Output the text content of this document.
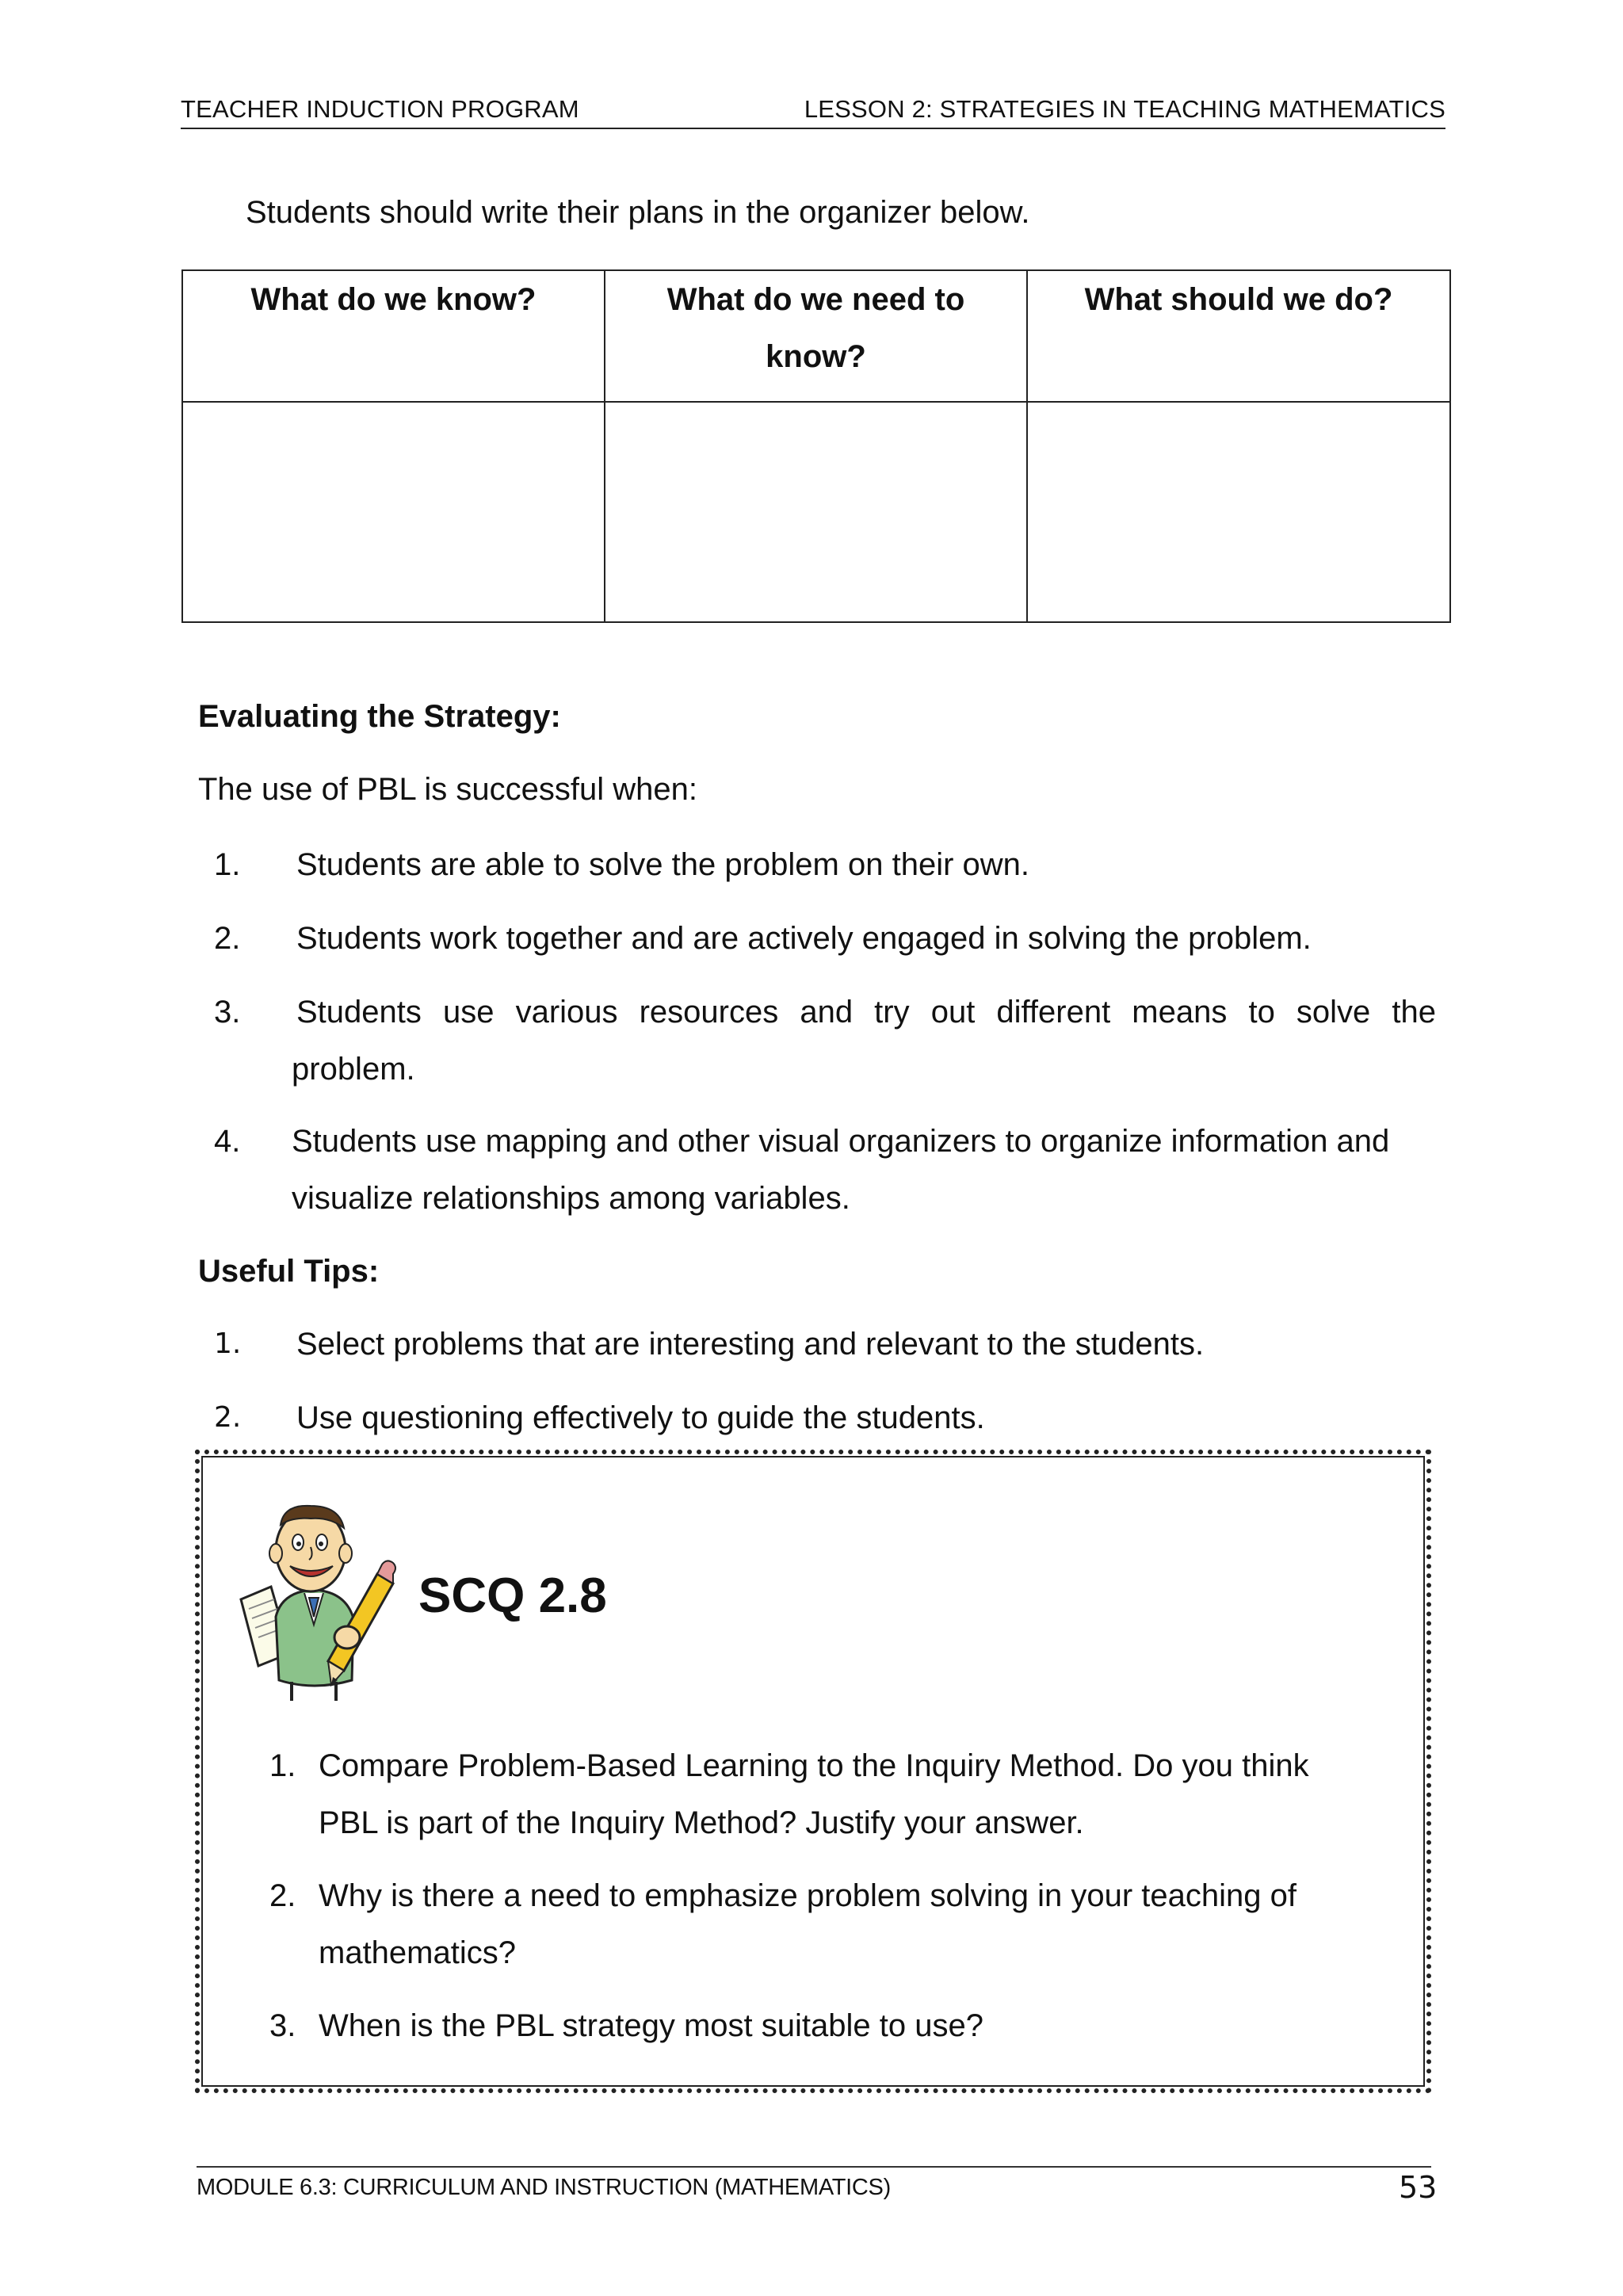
TEACHER INDUCTION PROGRAM	LESSON 2: STRATEGIES IN TEACHING MATHEMATICS
Students should write their plans in the organizer below.
What do we know?	What do we need to know?	What should we do?

Evaluating the Strategy:
The use of PBL is successful when:
1. Students are able to solve the problem on their own.
2. Students work together and are actively engaged in solving the problem.
3. Students use various resources and try out different means to solve the
problem.
4. Students use mapping and other visual organizers to organize information and
visualize relationships among variables.
Useful Tips:
1. Select problems that are interesting and relevant to the students.
2. Use questioning effectively to guide the students.
SCQ 2.8
1. Compare Problem-Based Learning to the Inquiry Method. Do you think
PBL is part of the Inquiry Method? Justify your answer.
2. Why is there a need to emphasize problem solving in your teaching of
mathematics?
3. When is the PBL strategy most suitable to use?
MODULE 6.3: CURRICULUM AND INSTRUCTION (MATHEMATICS)	53
